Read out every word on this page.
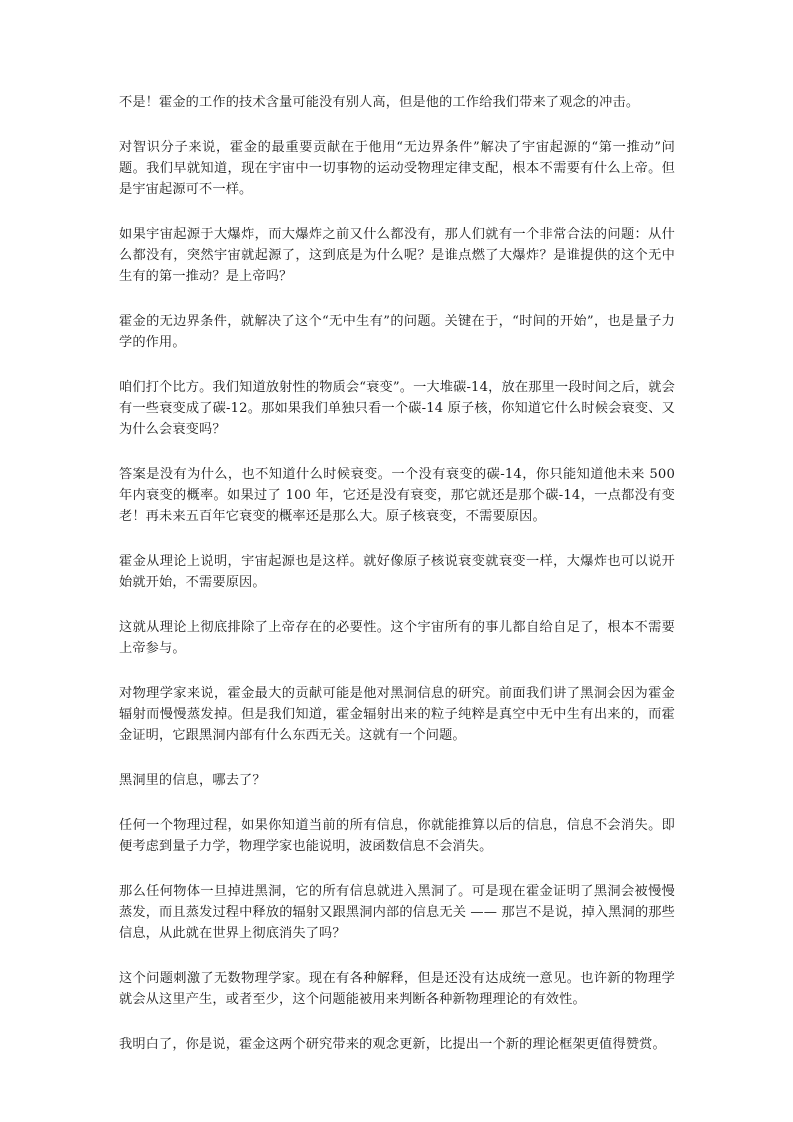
不是！霍金的工作的技术含量可能没有别人高，但是他的工作给我们带来了观念的冲击。

对智识分子来说，霍金的最重要贡献在于他用“无边界条件”解决了宇宙起源的“第一推动”问题。我们早就知道，现在宇宙中一切事物的运动受物理定律支配，根本不需要有什么上帝。但是宇宙起源可不一样。

如果宇宙起源于大爆炸，而大爆炸之前又什么都没有，那人们就有一个非常合法的问题：从什么都没有，突然宇宙就起源了，这到底是为什么呢？是谁点燃了大爆炸？是谁提供的这个无中生有的第一推动？是上帝吗？

霍金的无边界条件，就解决了这个“无中生有”的问题。关键在于，“时间的开始”，也是量子力学的作用。

咱们打个比方。我们知道放射性的物质会“衰变”。一大堆碳-14，放在那里一段时间之后，就会有一些衰变成了碳-12。那如果我们单独只看一个碳-14 原子核，你知道它什么时候会衰变、又为什么会衰变吗？

答案是没有为什么，也不知道什么时候衰变。一个没有衰变的碳-14，你只能知道他未来 500 年内衰变的概率。如果过了 100 年，它还是没有衰变，那它就还是那个碳-14，一点都没有变老！再未来五百年它衰变的概率还是那么大。原子核衰变，不需要原因。

霍金从理论上说明，宇宙起源也是这样。就好像原子核说衰变就衰变一样，大爆炸也可以说开始就开始，不需要原因。

这就从理论上彻底排除了上帝存在的必要性。这个宇宙所有的事儿都自给自足了，根本不需要上帝参与。

对物理学家来说，霍金最大的贡献可能是他对黑洞信息的研究。前面我们讲了黑洞会因为霍金辐射而慢慢蒸发掉。但是我们知道，霍金辐射出来的粒子纯粹是真空中无中生有出来的，而霍金证明，它跟黑洞内部有什么东西无关。这就有一个问题。

黑洞里的信息，哪去了？

任何一个物理过程，如果你知道当前的所有信息，你就能推算以后的信息，信息不会消失。即便考虑到量子力学，物理学家也能说明，波函数信息不会消失。

那么任何物体一旦掉进黑洞，它的所有信息就进入黑洞了。可是现在霍金证明了黑洞会被慢慢蒸发，而且蒸发过程中释放的辐射又跟黑洞内部的信息无关 —— 那岂不是说，掉入黑洞的那些信息，从此就在世界上彻底消失了吗？

这个问题刺激了无数物理学家。现在有各种解释，但是还没有达成统一意见。也许新的物理学就会从这里产生，或者至少，这个问题能被用来判断各种新物理理论的有效性。

我明白了，你是说，霍金这两个研究带来的观念更新，比提出一个新的理论框架更值得赞赏。
